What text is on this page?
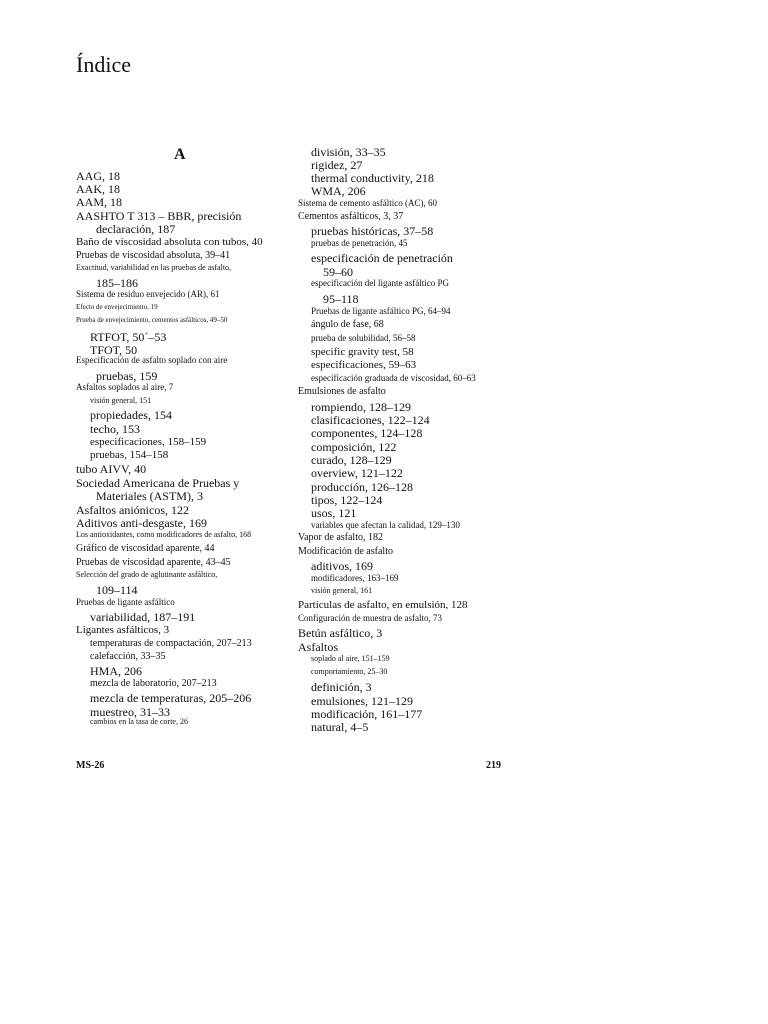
Índice
A
AAG, 18
AAK, 18
AAM, 18
AASHTO T 313 – BBR, precisión
declaración, 187
Baño de viscosidad absoluta con tubos, 40
Pruebas de viscosidad absoluta, 39–41
Exactitud, variabilidad en las pruebas de asfalto,
185–186
Sistema de residuo envejecido (AR), 61
Efecto de envejecimiento, 19
Prueba de envejecimiento, cementos asfálticos, 49–50
RTFOT, 50´–53
TFOT, 50
Especificación de asfalto soplado con aire
pruebas, 159
Asfaltos soplados al aire, 7
visión general, 151
propiedades, 154
techo, 153
especificaciones, 158–159
pruebas, 154–158
tubo AIVV, 40
Sociedad Americana de Pruebas y
Materiales (ASTM), 3
Asfaltos aniónicos, 122
Aditivos anti-desgaste, 169
Los antioxidantes, como modificadores de asfalto, 168
Gráfico de viscosidad aparente, 44
Pruebas de viscosidad aparente, 43–45
Selección del grado de aglutinante asfáltico,
109–114
Pruebas de ligante asfáltico
variabilidad, 187–191
Ligantes asfálticos, 3
temperaturas de compactación, 207–213
calefacción, 33–35
HMA, 206
mezcla de laboratorio, 207–213
mezcla de temperaturas, 205–206
muestreo, 31–33
cambios en la tasa de corte, 26
división, 33–35
rigidez, 27
thermal conductivity, 218
WMA, 206
Sistema de cemento asfáltico (AC), 60
Cementos asfálticos, 3, 37
pruebas históricas, 37–58
pruebas de penetración, 45
especificación de penetración
59–60
especificación del ligante asfáltico PG
95–118
Pruebas de ligante asfáltico PG, 64–94
ángulo de fase, 68
prueba de solubilidad, 56–58
specific gravity test, 58
especificaciones, 59–63
especificación graduada de viscosidad, 60–63
Emulsiones de asfalto
rompiendo, 128–129
clasificaciones, 122–124
componentes, 124–128
composición, 122
curado, 128–129
overview, 121–122
producción, 126–128
tipos, 122–124
usos, 121
variables que afectan la calidad, 129–130
Vapor de asfalto, 182
Modificación de asfalto
aditivos, 169
modificadores, 163–169
visión general, 161
Partículas de asfalto, en emulsión, 128
Configuración de muestra de asfalto, 73
Betún asfáltico, 3
Asfaltos
soplado al aire, 151–159
comportamiento, 25–30
definición, 3
emulsiones, 121–129
modificación, 161–177
natural, 4–5
MS-26	219
